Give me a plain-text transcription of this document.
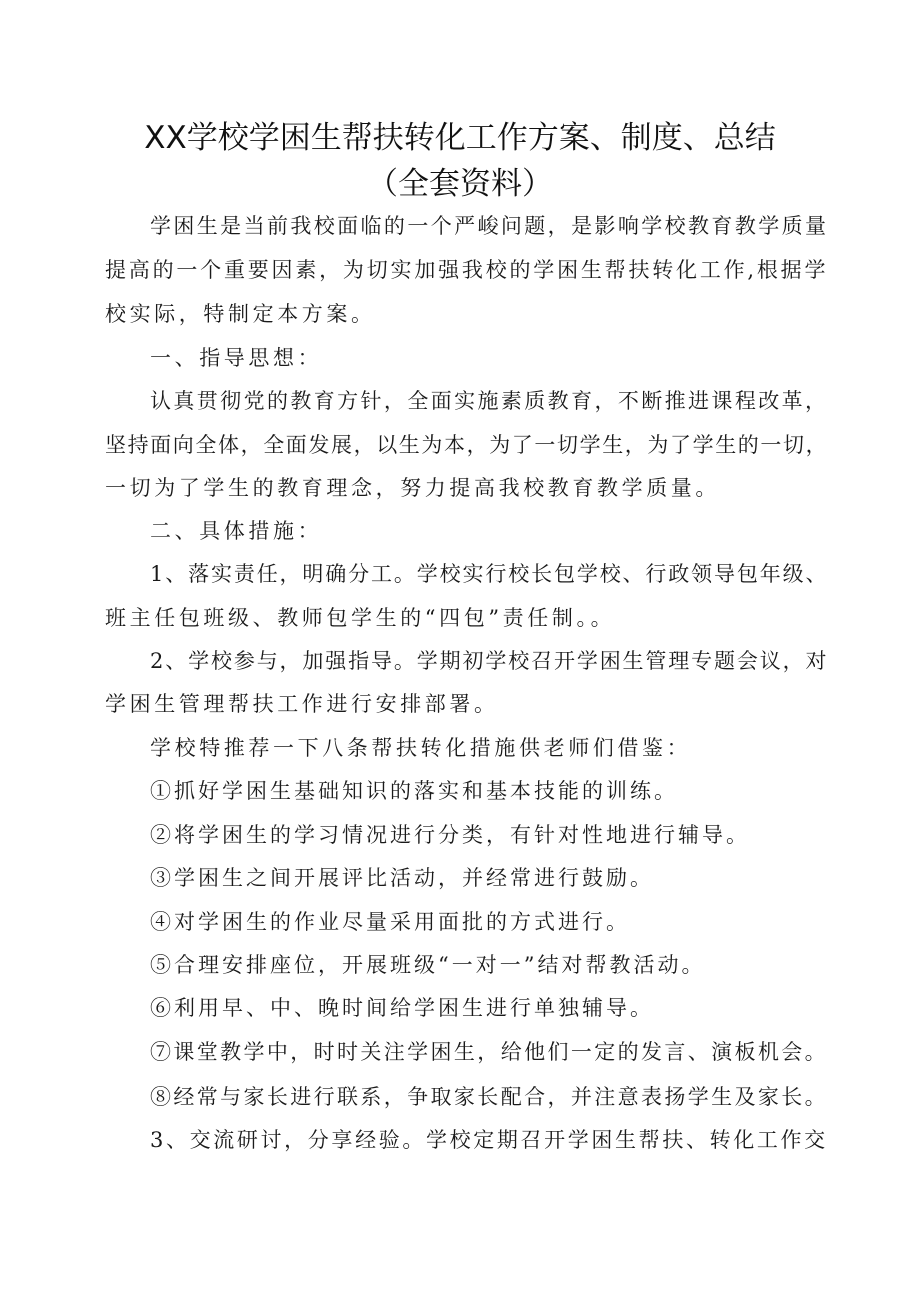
XX学校学困生帮扶转化工作方案、制度、总结
（全套资料）
学困生是当前我校面临的一个严峻问题，是影响学校教育教学质量
提高的一个重要因素，为切实加强我校的学困生帮扶转化工作,根据学
校实际，特制定本方案。
一、指导思想：
认真贯彻党的教育方针，全面实施素质教育，不断推进课程改革，
坚持面向全体，全面发展，以生为本，为了一切学生，为了学生的一切，
一切为了学生的教育理念，努力提高我校教育教学质量。
二、具体措施：
1、落实责任，明确分工。学校实行校长包学校、行政领导包年级、
班主任包班级、教师包学生的“四包”责任制。。
2、学校参与，加强指导。学期初学校召开学困生管理专题会议，对
学困生管理帮扶工作进行安排部署。
学校特推荐一下八条帮扶转化措施供老师们借鉴：
①抓好学困生基础知识的落实和基本技能的训练。
②将学困生的学习情况进行分类，有针对性地进行辅导。
③学困生之间开展评比活动，并经常进行鼓励。
④对学困生的作业尽量采用面批的方式进行。
⑤合理安排座位，开展班级“一对一”结对帮教活动。
⑥利用早、中、晚时间给学困生进行单独辅导。
⑦课堂教学中，时时关注学困生，给他们一定的发言、演板机会。
⑧经常与家长进行联系，争取家长配合，并注意表扬学生及家长。
3、交流研讨，分享经验。学校定期召开学困生帮扶、转化工作交
